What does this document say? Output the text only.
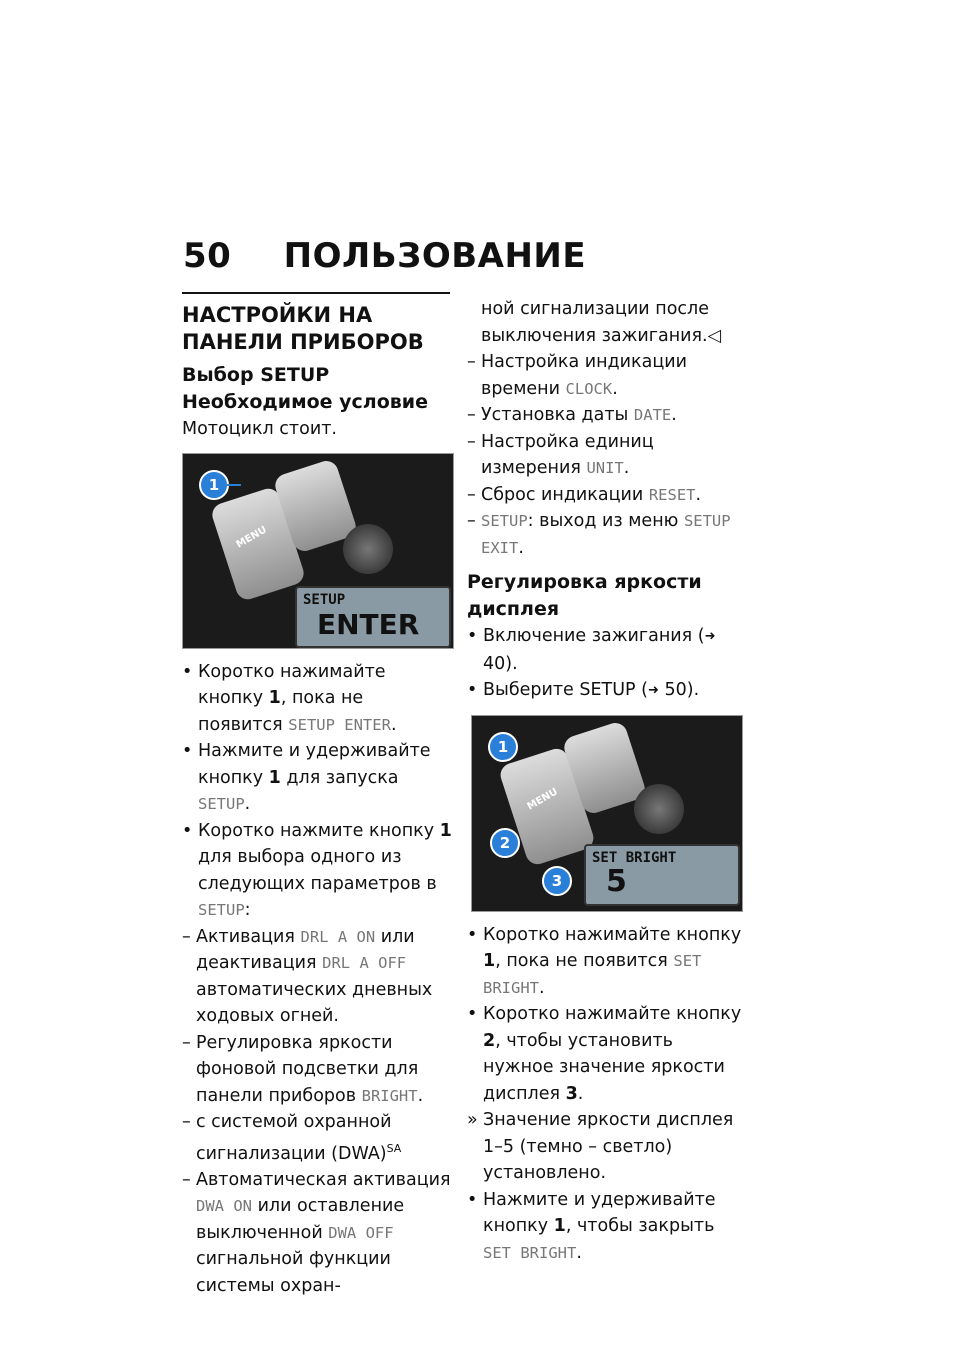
50 ПОЛЬЗОВАНИЕ
НАСТРОЙКИ НА ПАНЕЛИ ПРИБОРОВ
Выбор SETUP
Необходимое условие

Мотоцикл стоит.

MENU
1
SETUP
ENTER
• Коротко нажимайте кнопку 1, пока не появится SETUP ENTER.
• Нажмите и удерживайте кнопку 1 для запуска SETUP.
• Коротко нажмите кнопку 1 для выбора одного из следующих параметров в SETUP:
– Активация DRL A ON или деактивация DRL A OFF автоматических дневных ходовых огней.
– Регулировка яркости фоновой подсветки для панели приборов BRIGHT.
– с системой охранной сигнализации (DWA)$^{SA}$
– Автоматическая активация DWA ON или оставление выключенной DWA OFF сигнальной функции системы охран-
ной сигнализации после выключения зажигания.◁
– Настройка индикации времени CLOCK.
– Установка даты DATE.
– Настройка единиц измерения UNIT.
– Сброс индикации RESET.
– SETUP: выход из меню SETUP EXIT.
Регулировка яркости дисплея
• Включение зажигания (➜ 40).
• Выберите SETUP (➜ 50).
MENU
1
2
3
SET BRIGHT
5
• Коротко нажимайте кнопку 1, пока не появится SET BRIGHT.
• Коротко нажимайте кнопку 2, чтобы установить нужное значение яркости дисплея 3.
» Значение яркости дисплея 1–5 (темно – светло) установлено.
• Нажмите и удерживайте кнопку 1, чтобы закрыть SET BRIGHT.
